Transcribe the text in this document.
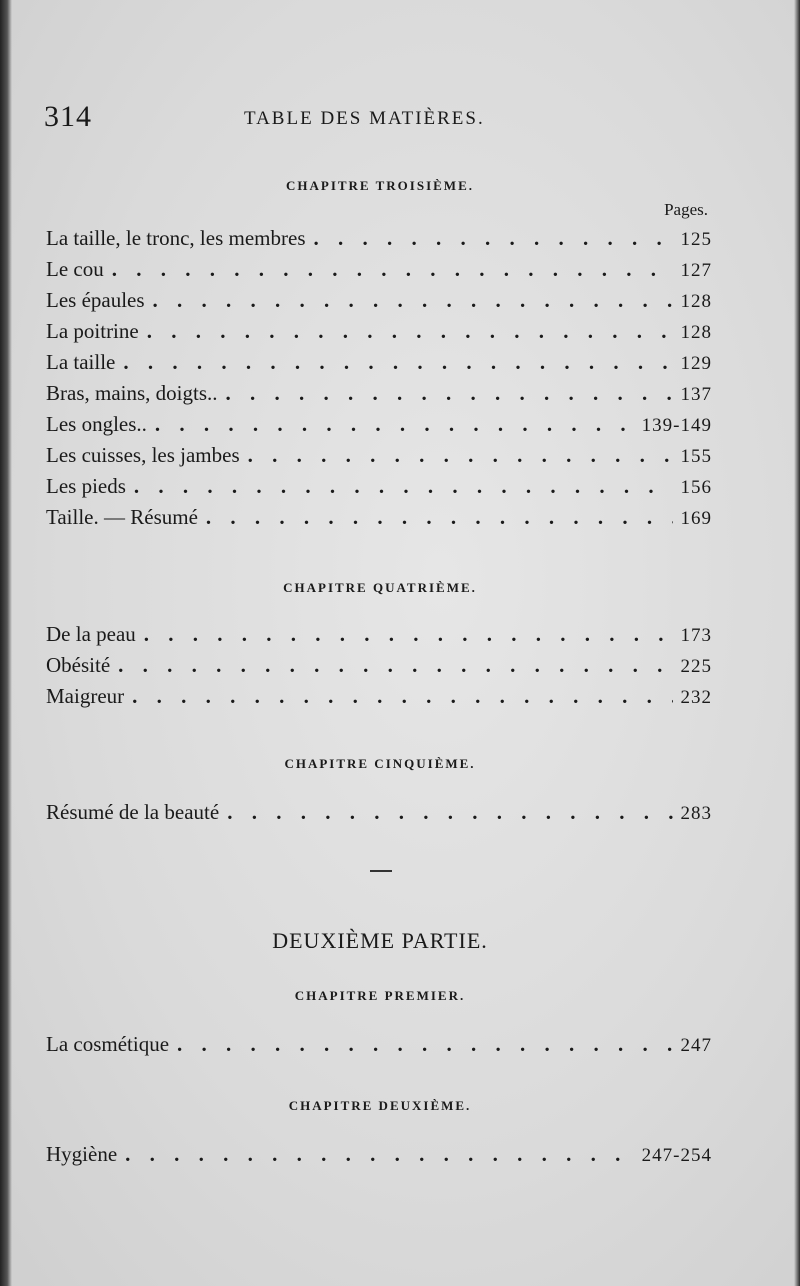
314	TABLE DES MATIÈRES.
CHAPITRE TROISIÈME.
Pages.
La taille, le tronc, les membres . . .	125
Le cou . . .	127
Les épaules . . .	128
La poitrine . . .	128
La taille . . .	129
Bras, mains, doigts.. . . .	137
Les ongles.. . . .	139-149
Les cuisses, les jambes . . .	155
Les pieds . . .	156
Taille. — Résumé . . .	169
CHAPITRE QUATRIÈME.
De la peau . . .	173
Obésité . . .	225
Maigreur . . .	232
CHAPITRE CINQUIÈME.
Résumé de la beauté . . .	283
DEUXIÈME PARTIE.
CHAPITRE PREMIER.
La cosmétique . . .	247
CHAPITRE DEUXIÈME.
Hygiène . . .	247-254
